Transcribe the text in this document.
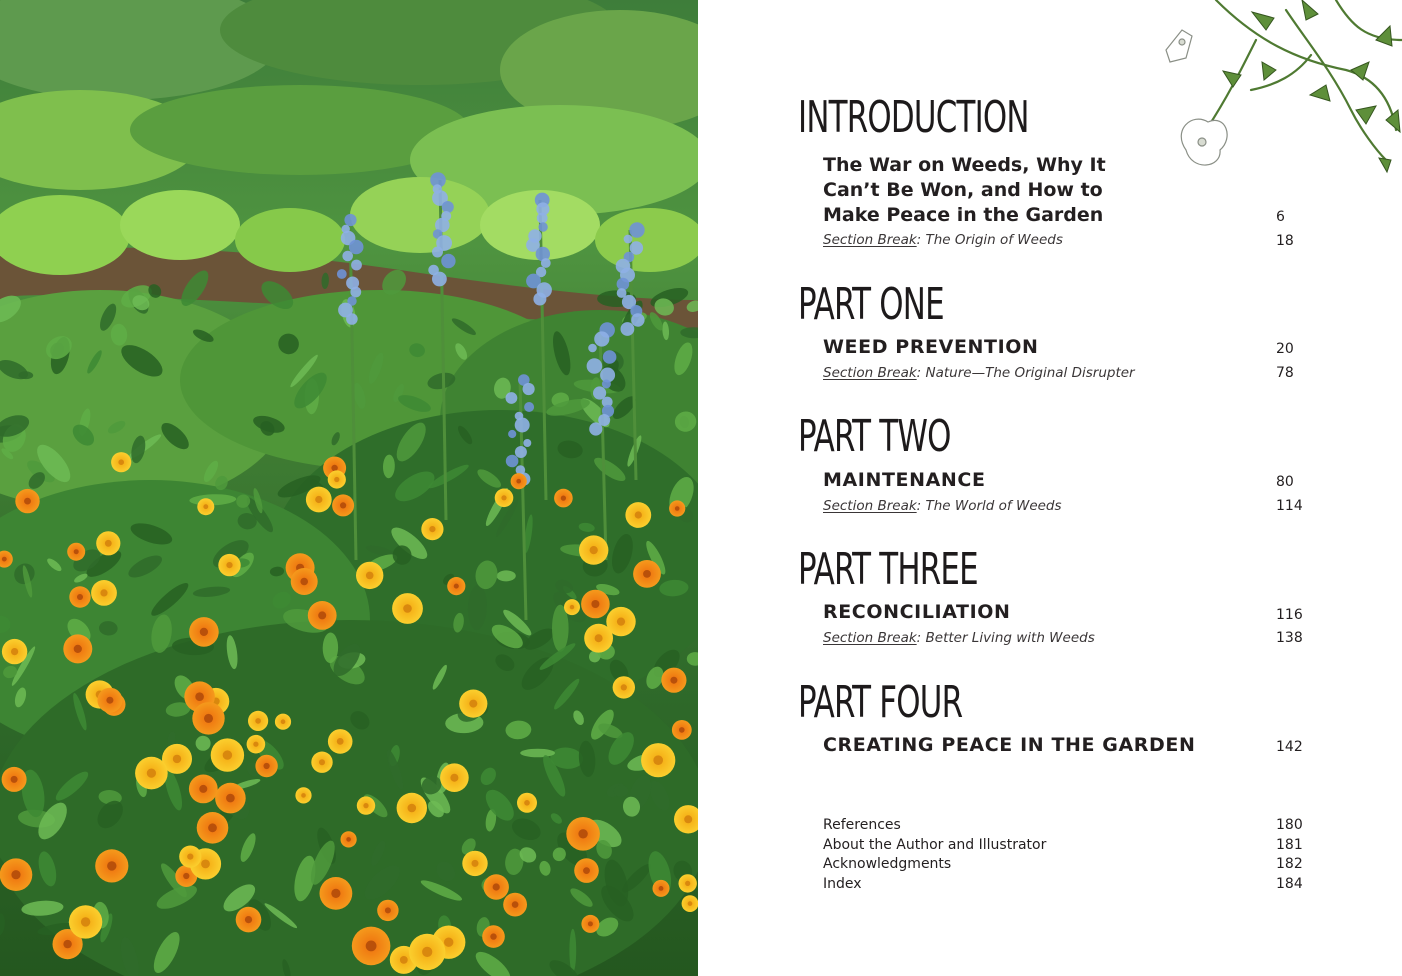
INTRODUCTION
The War on Weeds, Why It
Can’t Be Won, and How to
Make Peace in the Garden	6
Section Break: The Origin of Weeds	18
PART ONE
WEED PREVENTION	20
Section Break: Nature—The Original Disrupter	78
PART TWO
MAINTENANCE	80
Section Break: The World of Weeds	114
PART THREE
RECONCILIATION	116
Section Break: Better Living with Weeds	138
PART FOUR
CREATING PEACE IN THE GARDEN	142
References	180
About the Author and Illustrator	181
Acknowledgments	182
Index	184
